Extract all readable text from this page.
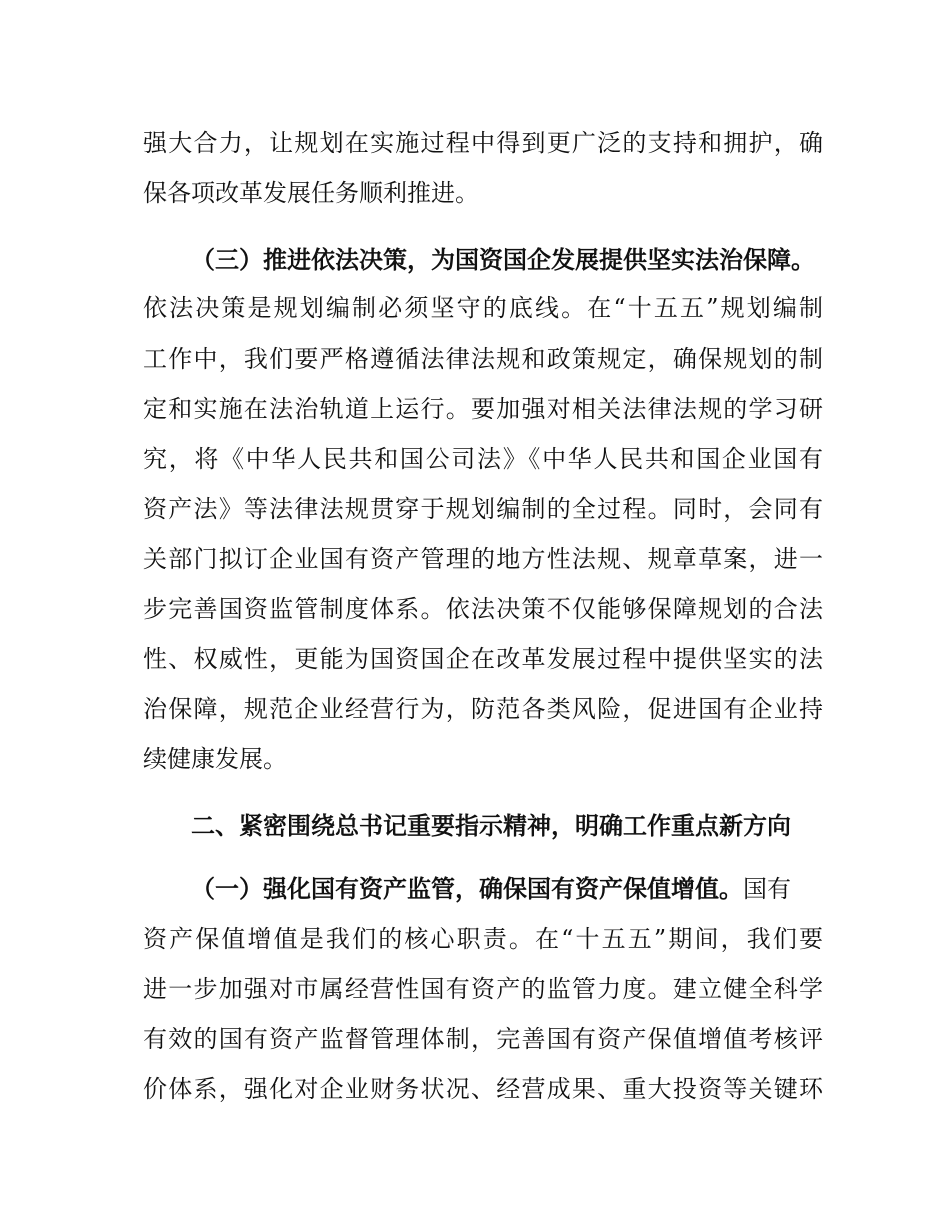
强大合力，让规划在实施过程中得到更广泛的支持和拥护，确
保各项改革发展任务顺利推进。
（三）推进依法决策，为国资国企发展提供坚实法治保障。
依法决策是规划编制必须坚守的底线。在“十五五”规划编制
工作中，我们要严格遵循法律法规和政策规定，确保规划的制
定和实施在法治轨道上运行。要加强对相关法律法规的学习研
究，将《中华人民共和国公司法》《中华人民共和国企业国有
资产法》等法律法规贯穿于规划编制的全过程。同时，会同有
关部门拟订企业国有资产管理的地方性法规、规章草案，进一
步完善国资监管制度体系。依法决策不仅能够保障规划的合法
性、权威性，更能为国资国企在改革发展过程中提供坚实的法
治保障，规范企业经营行为，防范各类风险，促进国有企业持
续健康发展。
二、紧密围绕总书记重要指示精神，明确工作重点新方向
（一）强化国有资产监管，确保国有资产保值增值。国有
资产保值增值是我们的核心职责。在“十五五”期间，我们要
进一步加强对市属经营性国有资产的监管力度。建立健全科学
有效的国有资产监督管理体制，完善国有资产保值增值考核评
价体系，强化对企业财务状况、经营成果、重大投资等关键环
